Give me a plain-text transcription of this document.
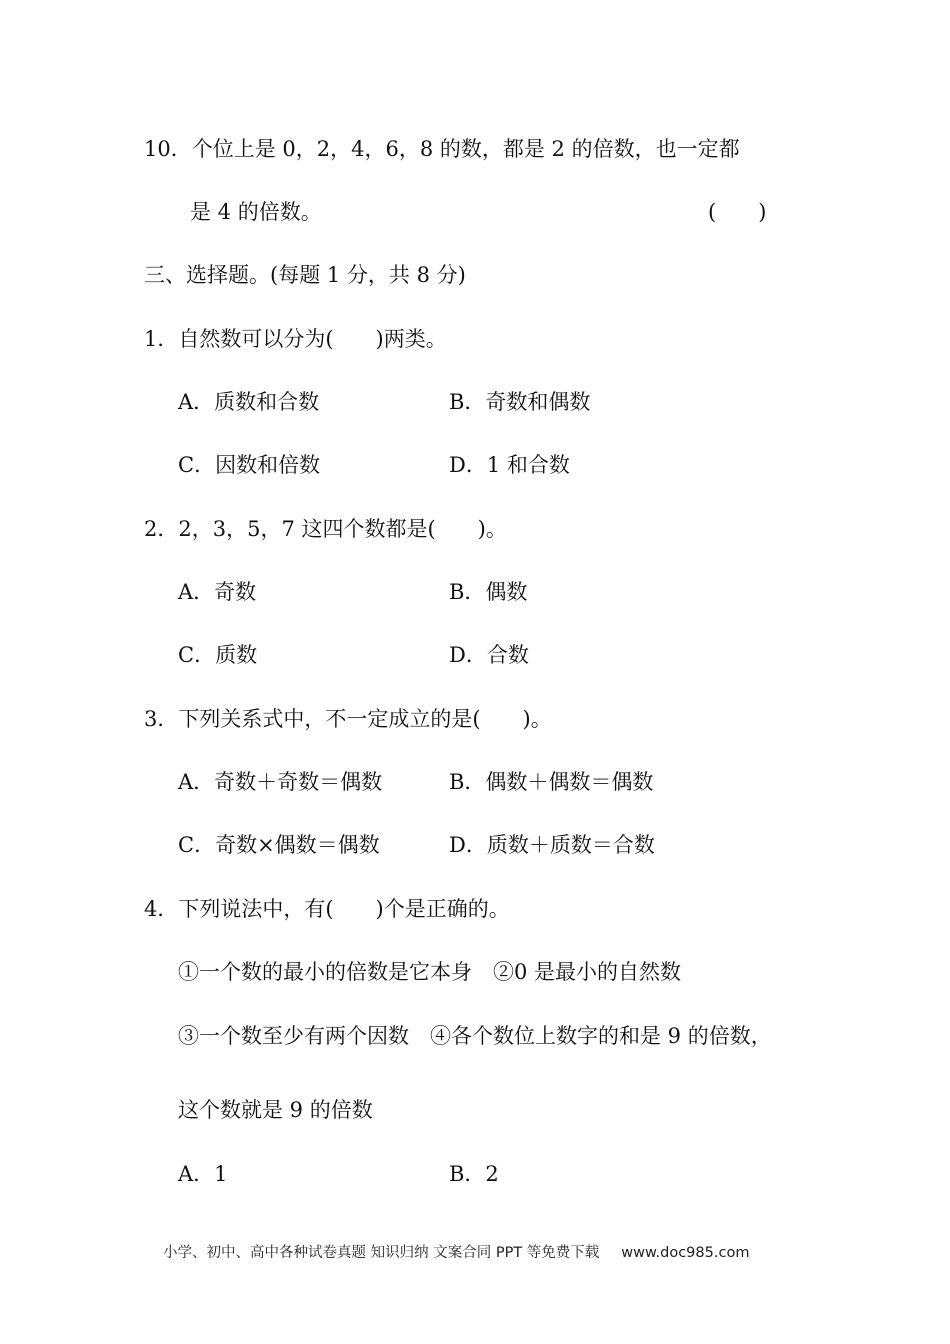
10．个位上是 0，2，4，6，8 的数，都是 2 的倍数，也一定都
是 4 的倍数。	(　　)
三、选择题。(每题 1 分，共 8 分)
1．自然数可以分为(　　)两类。
A．质数和合数	B．奇数和偶数
C．因数和倍数	D．1 和合数
2．2，3，5，7 这四个数都是(　　)。
A．奇数	B．偶数
C．质数	D．合数
3．下列关系式中，不一定成立的是(　　)。
A．奇数＋奇数＝偶数	B．偶数＋偶数＝偶数
C．奇数×偶数＝偶数	D．质数＋质数＝合数
4．下列说法中，有(　　)个是正确的。
①一个数的最小的倍数是它本身　②0 是最小的自然数
③一个数至少有两个因数　④各个数位上数字的和是 9 的倍数，
这个数就是 9 的倍数
A．1	B．2
小学、初中、高中各种试卷真题 知识归纳 文案合同 PPT 等免费下载 www.doc985.com
